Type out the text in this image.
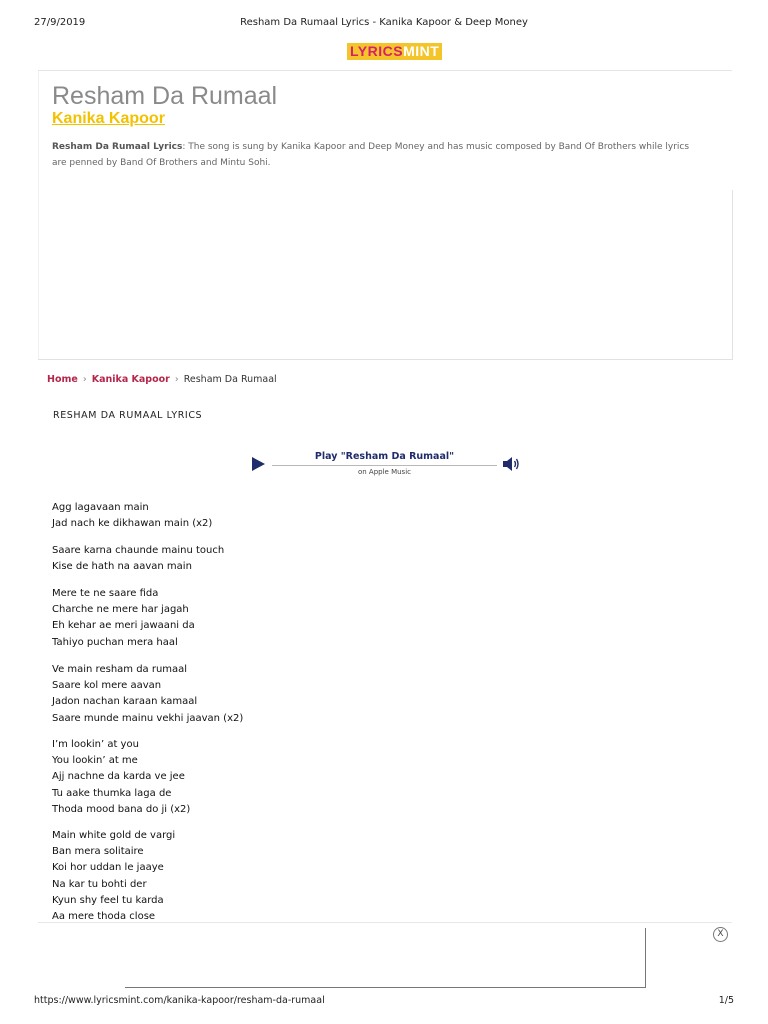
27/9/2019	Resham Da Rumaal Lyrics - Kanika Kapoor & Deep Money
LYRICSMINT
Resham Da Rumaal
Kanika Kapoor
Resham Da Rumaal Lyrics: The song is sung by Kanika Kapoor and Deep Money and has music composed by Band Of Brothers while lyrics are penned by Band Of Brothers and Mintu Sohi.
Home › Kanika Kapoor › Resham Da Rumaal
RESHAM DA RUMAAL LYRICS
Play "Resham Da Rumaal"
on Apple Music
Agg lagavaan main
Jad nach ke dikhawan main (x2)
Saare karna chaunde mainu touch
Kise de hath na aavan main
Mere te ne saare fida
Charche ne mere har jagah
Eh kehar ae meri jawaani da
Tahiyo puchan mera haal
Ve main resham da rumaal
Saare kol mere aavan
Jadon nachan karaan kamaal
Saare munde mainu vekhi jaavan (x2)
I’m lookin’ at you
You lookin’ at me
Ajj nachne da karda ve jee
Tu aake thumka laga de
Thoda mood bana do ji (x2)
Main white gold de vargi
Ban mera solitaire
Koi hor uddan le jaaye
Na kar tu bohti der
Kyun shy feel tu karda
Aa mere thoda close
X
https://www.lyricsmint.com/kanika-kapoor/resham-da-rumaal	1/5
